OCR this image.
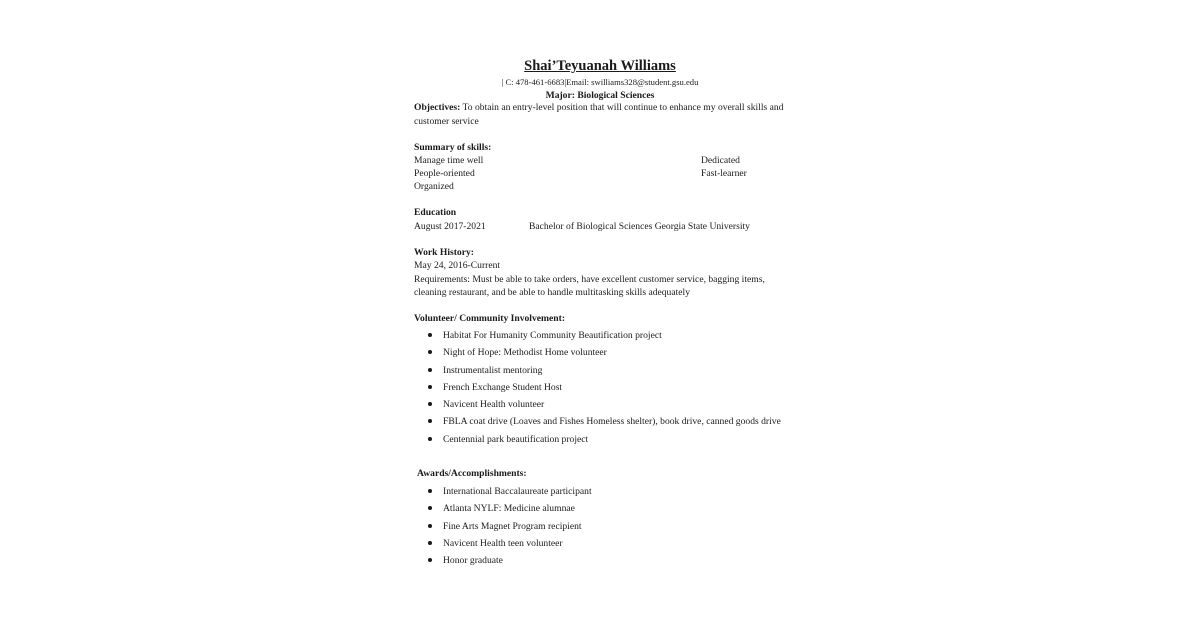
Shai’Teyuanah Williams
| C: 478-461-6683|Email: swilliams328@student.gsu.edu
Major: Biological Sciences
Objectives: To obtain an entry-level position that will continue to enhance my overall skills and
customer service
Summary of skills:
Manage time well
People-oriented
Organized
Dedicated
Fast-learner
Education
August 2017-2021	Bachelor of Biological Sciences Georgia State University
Work History:
May 24, 2016-Current
Requirements: Must be able to take orders, have excellent customer service, bagging items,
cleaning restaurant, and be able to handle multitasking skills adequately
Volunteer/ Community Involvement:
Habitat For Humanity Community Beautification project
Night of Hope: Methodist Home volunteer
Instrumentalist mentoring
French Exchange Student Host
Navicent Health volunteer
FBLA coat drive (Loaves and Fishes Homeless shelter), book drive, canned goods drive
Centennial park beautification project
Awards/Accomplishments:
International Baccalaureate participant
Atlanta NYLF: Medicine alumnae
Fine Arts Magnet Program recipient
Navicent Health teen volunteer
Honor graduate
